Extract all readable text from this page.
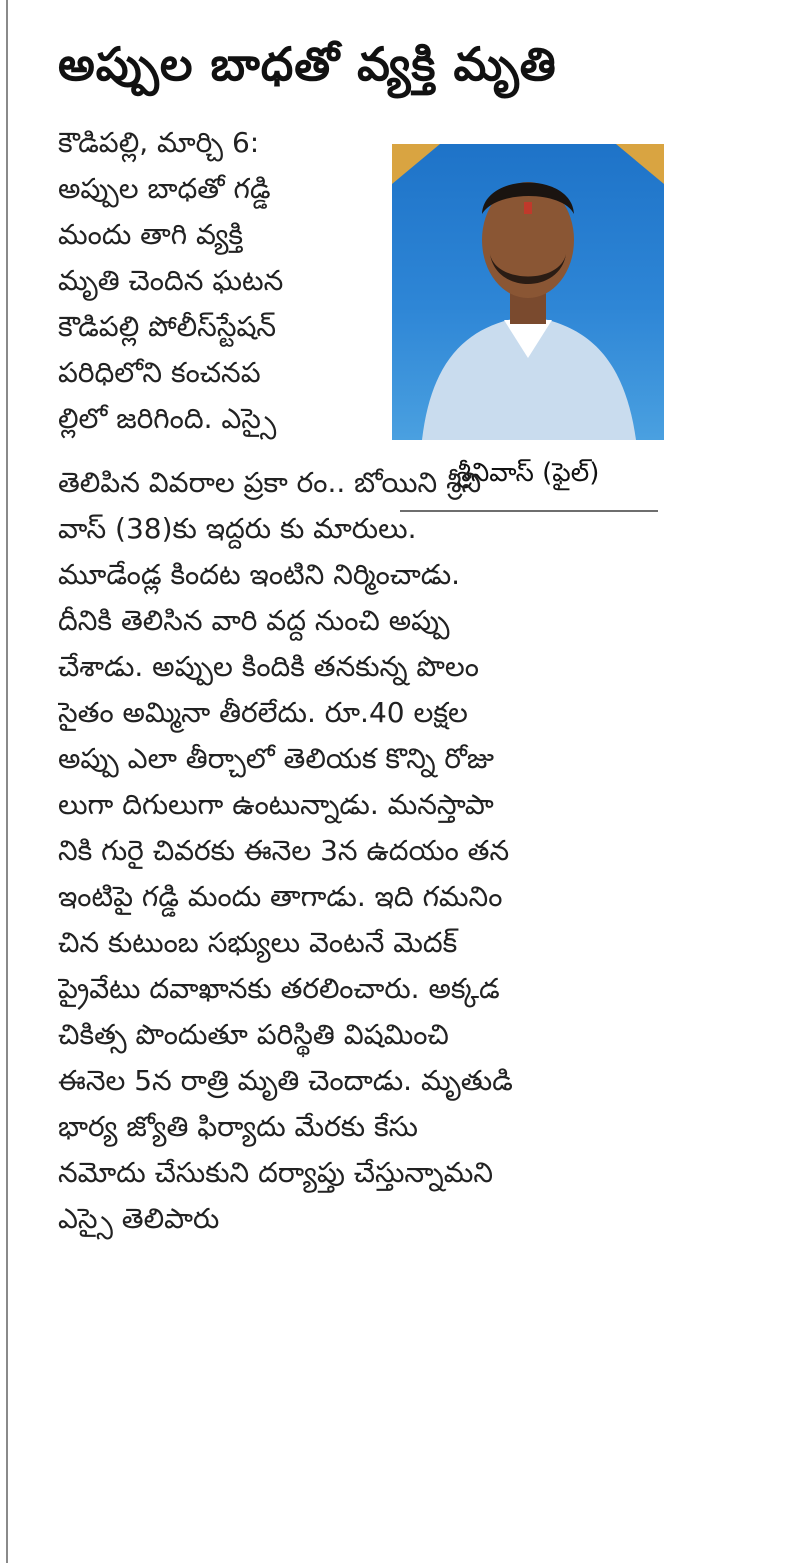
అప్పుల బాధతో వ్యక్తి మృతి

శ్రీనివాస్ (ఫైల్)

కౌడిపల్లి, మార్చి 6:

అప్పుల బాధతో గడ్డి

మందు తాగి వ్యక్తి

మృతి చెందిన ఘటన

కౌడిపల్లి పోలీస్‌స్టేషన్

పరిధిలోని కంచనప

ల్లిలో జరిగింది. ఎస్సై

తెలిపిన వివరాల ప్రకా రం.. బోయిని శ్రీని

వాస్ (38)కు ఇద్దరు కు మారులు.

మూడేండ్ల కిందట ఇంటిని నిర్మించాడు.

దీనికి తెలిసిన వారి వద్ద నుంచి అప్పు

చేశాడు. అప్పుల కిందికి తనకున్న పొలం

సైతం అమ్మినా తీరలేదు. రూ.40 లక్షల

అప్పు ఎలా తీర్చాలో తెలియక కొన్ని రోజు

లుగా దిగులుగా ఉంటున్నాడు. మనస్తాపా

నికి గురై చివరకు ఈనెల 3న ఉదయం తన

ఇంటిపై గడ్డి మందు తాగాడు. ఇది గమనిం

చిన కుటుంబ సభ్యులు వెంటనే మెదక్

ప్రైవేటు దవాఖానకు తరలించారు. అక్కడ

చికిత్స పొందుతూ పరిస్థితి విషమించి

ఈనెల 5న రాత్రి మృతి చెందాడు. మృతుడి

భార్య జ్యోతి ఫిర్యాదు మేరకు కేసు

నమోదు చేసుకుని దర్యాప్తు చేస్తున్నామని

ఎస్సై తెలిపారు
